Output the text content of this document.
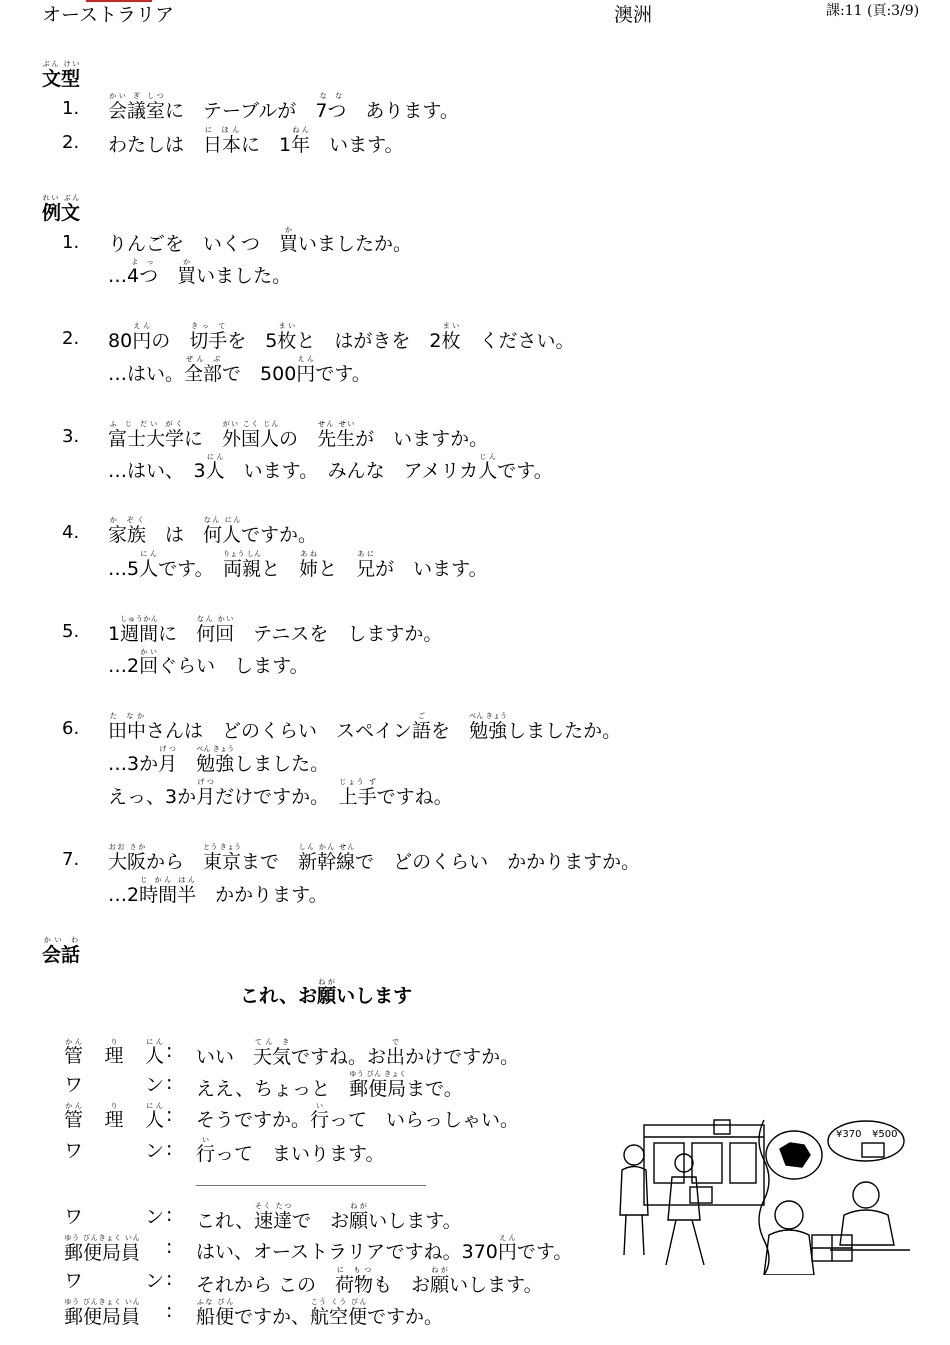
オーストラリア	澳洲	課:11 (頁:3/9)
文型ぶん けい
1. 会議室かい ぎ しつに　テーブルが　7つなな　あります。
2. わたしは　日本に ほんに　1年ねん　います。
例文れい ぶん
1. りんごを　いくつ　買かいましたか。
…4つよっ　買かいました。
2. 80円えんの　切手きっ てを　5枚まいと　はがきを　2枚まい　ください。
…はい。全部ぜん ぶで　500円えんです。
3. 富士大学ふ じ だい がくに　外国人がい こく じんの　先生せん せいが　いますか。
…はい、　3人にん　います。　みんな　アメリカ人じんです。
4. 家族か ぞく　は　何人なん にんですか。
…5人にんです。　両親りょう しんと　姉あねと　兄あにが　います。
5. 1週間しゅうかんに　何回なん かい　テニスを　しますか。
…2回かいぐらい　します。
6. 田中た なかさんは　どのくらい　スペイン語ごを　勉強べん きょうしましたか。
…3か月げつ　勉強べん きょうしました。
えっ、3か月げつだけですか。　上手じょう ずですね。
7. 大阪おお さかから　東京とう きょうまで　新幹線しん かん せんで　どのくらい　かかりますか。
…2時間半じ かん はん　かかります。
会話かい わ
これ、お願ねがいします
管かん
理り
人にん : いい　天気てん きですね。お出でかけですか。
ワ	ン : ええ、ちょっと　郵便局ゆう びん きょくまで。
管かん
理り
人にん : そうですか。行いって　いらっしゃい。
ワ	ン : 行いって　まいります。
ワ	ン : これ、速達そく たつで　お願ねがいします。
郵便局員ゆう びんきょく いん : はい、オーストラリアですね。370円えんです。
ワ	ン : それから この　荷物に もつも　お願ねがいします。
郵便局員ゆう びんきょく いん : 船便ふな びんですか、航空便こう くう びんですか。
¥370 ¥500
